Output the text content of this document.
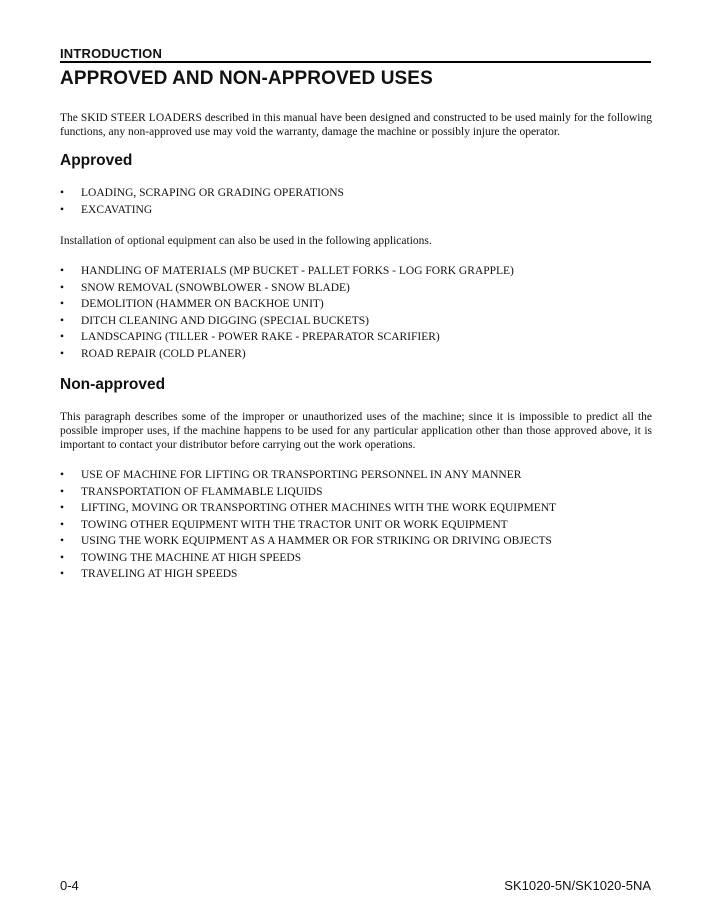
INTRODUCTION
APPROVED AND NON-APPROVED USES

The SKID STEER LOADERS described in this manual have been designed and constructed to be used mainly for the following functions, any non-approved use may void the warranty, damage the machine or possibly injure the operator.

Approved
• LOADING, SCRAPING OR GRADING OPERATIONS
• EXCAVATING

Installation of optional equipment can also be used in the following applications.

• HANDLING OF MATERIALS (MP BUCKET - PALLET FORKS - LOG FORK GRAPPLE)
• SNOW REMOVAL (SNOWBLOWER - SNOW BLADE)
• DEMOLITION (HAMMER ON BACKHOE UNIT)
• DITCH CLEANING AND DIGGING (SPECIAL BUCKETS)
• LANDSCAPING (TILLER - POWER RAKE - PREPARATOR SCARIFIER)
• ROAD REPAIR (COLD PLANER)
Non-approved

This paragraph describes some of the improper or unauthorized uses of the machine; since it is impossible to predict all the possible improper uses, if the machine happens to be used for any particular application other than those approved above, it is important to contact your distributor before carrying out the work operations.

• USE OF MACHINE FOR LIFTING OR TRANSPORTING PERSONNEL IN ANY MANNER
• TRANSPORTATION OF FLAMMABLE LIQUIDS
• LIFTING, MOVING OR TRANSPORTING OTHER MACHINES WITH THE WORK EQUIPMENT
• TOWING OTHER EQUIPMENT WITH THE TRACTOR UNIT OR WORK EQUIPMENT
• USING THE WORK EQUIPMENT AS A HAMMER OR FOR STRIKING OR DRIVING OBJECTS
• TOWING THE MACHINE AT HIGH SPEEDS
• TRAVELING AT HIGH SPEEDS
0-4	SK1020-5N/SK1020-5NA
